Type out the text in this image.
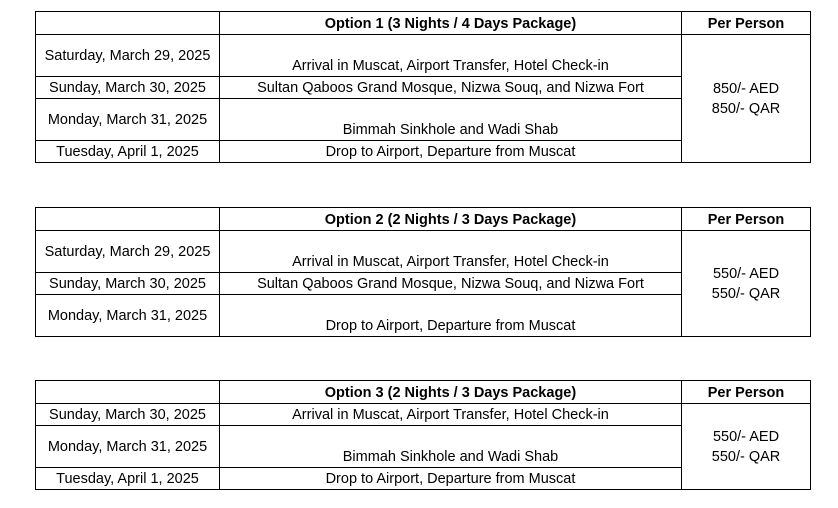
	Option 1 (3 Nights / 4 Days Package)	Per Person
Saturday, March 29, 2025	Arrival in Muscat, Airport Transfer, Hotel Check-in	850/- AED
850/- QAR

Sunday, March 30, 2025	Sultan Qaboos Grand Mosque, Nizwa Souq, and Nizwa Fort	
Monday, March 31, 2025	Bimmah Sinkhole and Wadi Shab	
Tuesday, April 1, 2025	Drop to Airport, Departure from Muscat	
	Option 2 (2 Nights / 3 Days Package)	Per Person
Saturday, March 29, 2025	Arrival in Muscat, Airport Transfer, Hotel Check-in	550/- AED
550/- QAR

Sunday, March 30, 2025	Sultan Qaboos Grand Mosque, Nizwa Souq, and Nizwa Fort	
Monday, March 31, 2025	Drop to Airport, Departure from Muscat	
	Option 3 (2 Nights / 3 Days Package)	Per Person
Sunday, March 30, 2025	Arrival in Muscat, Airport Transfer, Hotel Check-in	550/- AED
550/- QAR

Monday, March 31, 2025	Bimmah Sinkhole and Wadi Shab	
Tuesday, April 1, 2025	Drop to Airport, Departure from Muscat	
